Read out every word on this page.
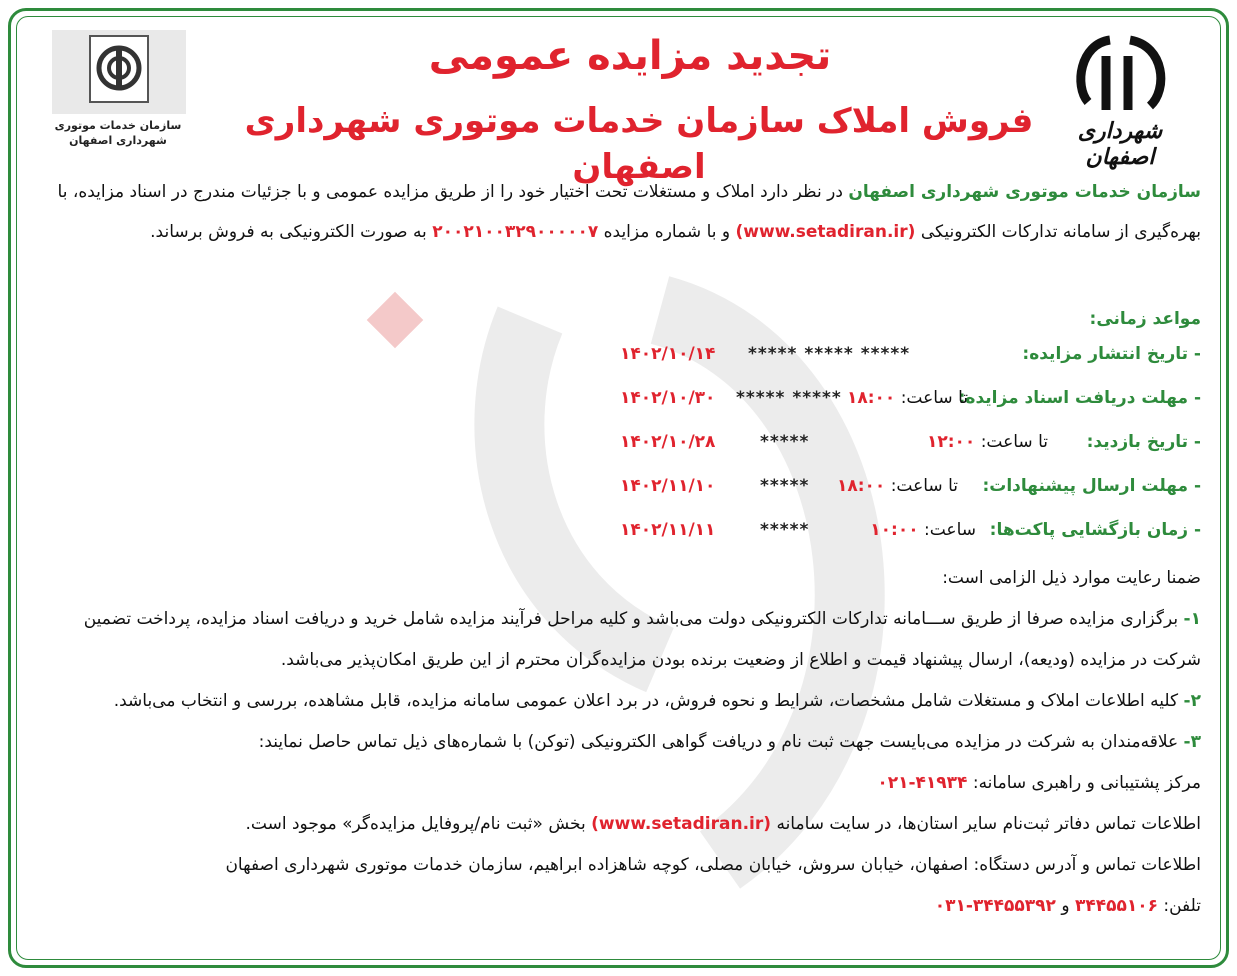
سازمان خدمات موتوری
شهرداری اصفهان	شهرداری اصفهان
تجدید مزایده عمومی
فروش املاک سازمان خدمات موتوری شهرداری اصفهان
سازمان خدمات موتوری شهرداری اصفهان در نظر دارد املاک و مستغلات تحت اختیار خود را از طریق مزایده عمومی و با جزئیات مندرج در اسناد مزایده، با بهره‌گیری از سامانه تدارکات الکترونیکی (www.setadiran.ir) و با شماره مزایده ۲۰۰۲۱۰۰۳۲۹۰۰۰۰۰۷ به صورت الکترونیکی به فروش برساند.
مواعد زمانی:
- تاریخ انتشار مزایده:
***** ***** *****
۱۴۰۲/۱۰/۱۴
- مهلت دریافت اسناد مزایده:
تا ساعت: ۱۸:۰۰
***** *****
۱۴۰۲/۱۰/۳۰
- تاریخ بازدید:
تا ساعت: ۱۲:۰۰
*****
۱۴۰۲/۱۰/۲۸
- مهلت ارسال پیشنهادات:
تا ساعت: ۱۸:۰۰
*****
۱۴۰۲/۱۱/۱۰
- زمان بازگشایی پاکت‌ها:
ساعت: ۱۰:۰۰
*****
۱۴۰۲/۱۱/۱۱

ضمنا رعایت موارد ذیل الزامی است:

۱- برگزاری مزایده صرفا از طریق ســـامانه تدارکات الکترونیکی دولت می‌باشد و کلیه مراحل فرآیند مزایده شامل خرید و دریافت اسناد مزایده، پرداخت تضمین شرکت در مزایده (ودیعه)، ارسال پیشنهاد قیمت و اطلاع از وضعیت برنده بودن مزایده‌گران محترم از این طریق امکان‌پذیر می‌باشد.

۲- کلیه اطلاعات املاک و مستغلات شامل مشخصات، شرایط و نحوه فروش، در برد اعلان عمومی سامانه مزایده، قابل مشاهده، بررسی و انتخاب می‌باشد.

۳- علاقه‌مندان به شرکت در مزایده می‌بایست جهت ثبت نام و دریافت گواهی الکترونیکی (توکن) با شماره‌های ذیل تماس حاصل نمایند:

مرکز پشتیبانی و راهبری سامانه: ۴۱۹۳۴-۰۲۱

اطلاعات تماس دفاتر ثبت‌نام سایر استان‌ها، در سایت سامانه (www.setadiran.ir) بخش «ثبت نام/پروفایل مزایده‌گر» موجود است.

اطلاعات تماس و آدرس دستگاه: اصفهان، خیابان سروش، خیابان مصلی، کوچه شاهزاده ابراهیم، سازمان خدمات موتوری شهرداری اصفهان

تلفن: ۳۴۴۵۵۱۰۶ و ۳۴۴۵۵۳۹۲-۰۳۱
